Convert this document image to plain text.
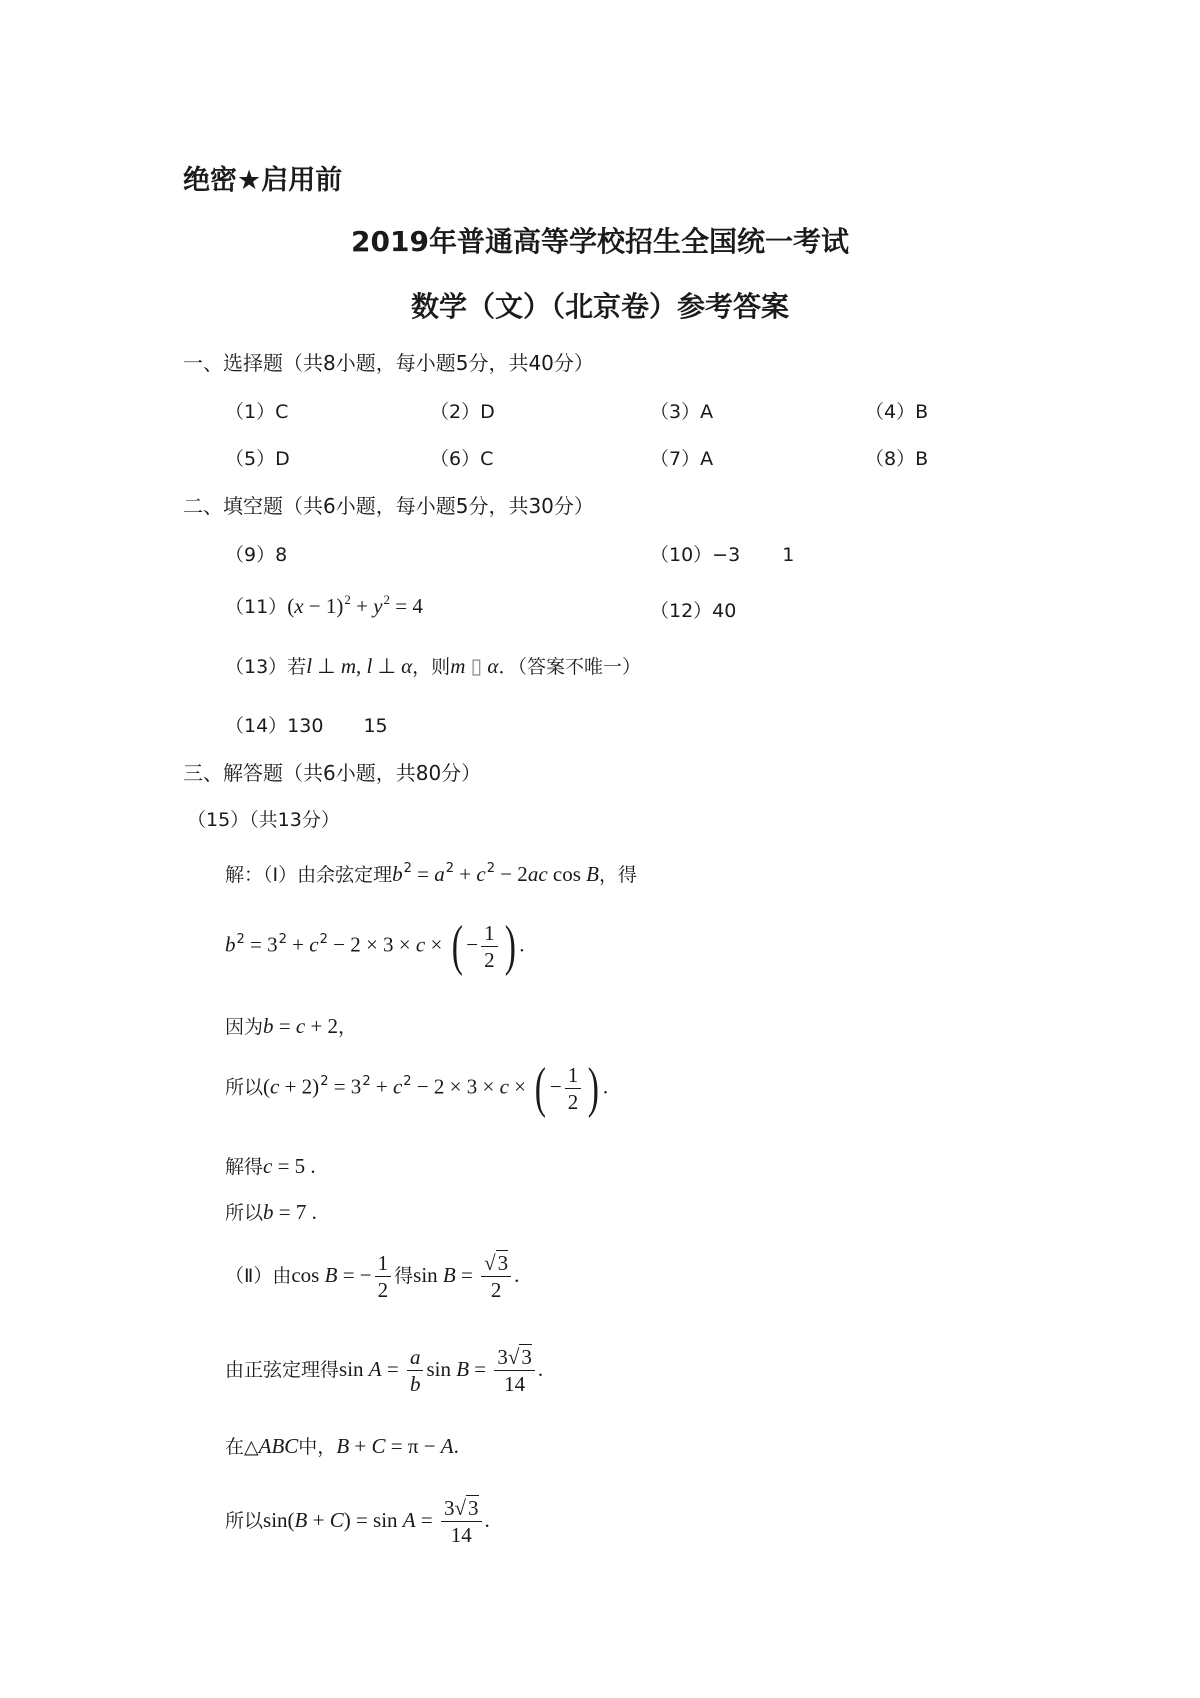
绝密★启用前
2019年普通高等学校招生全国统一考试
数学（文）（北京卷）参考答案
一、选择题（共8小题，每小题5分，共40分）
（1）C	（2）D	（3）A	（4）B
（5）D	（6）C	（7）A	（8）B
二、填空题（共6小题，每小题5分，共30分）
（9）8	（10）−3 1
$(11)(x - 1)^2 + y^2 = 4$	（12）40
（13）若l ⊥ m, l ⊥ α，则m ▯ α．（答案不唯一）
（14）130 15
三、解答题（共6小题，共80分）
（15）（共13分）
解：（Ⅰ）由余弦定理$b^2 = a^2 + c^2 - 2ac$ cos B，得
$b^2 = 3^2 + c^2 - 2 \times 3 \times c$ × ( − $\frac{1}{2}$ ) .
因为b = c + 2，
所以$(c + 2)^2 = 3^2 + c^2 - 2 \times 3 \times c$ × ( − $\frac{1}{2}$ ) .
解得c = 5 .
所以b = 7 .
（Ⅱ）由cos B = − $\frac{1}{2}$ 得$\sin B = \frac{√3}{2}$ .
由正弦定理得$\sin A = \frac{a}{b}$ $\sin B = \frac{3√3}{14}$ .
在△ABC中，B + C = π − A.
所以$\sin(B + C) = \sin A = \frac{3√3}{14}$ .
